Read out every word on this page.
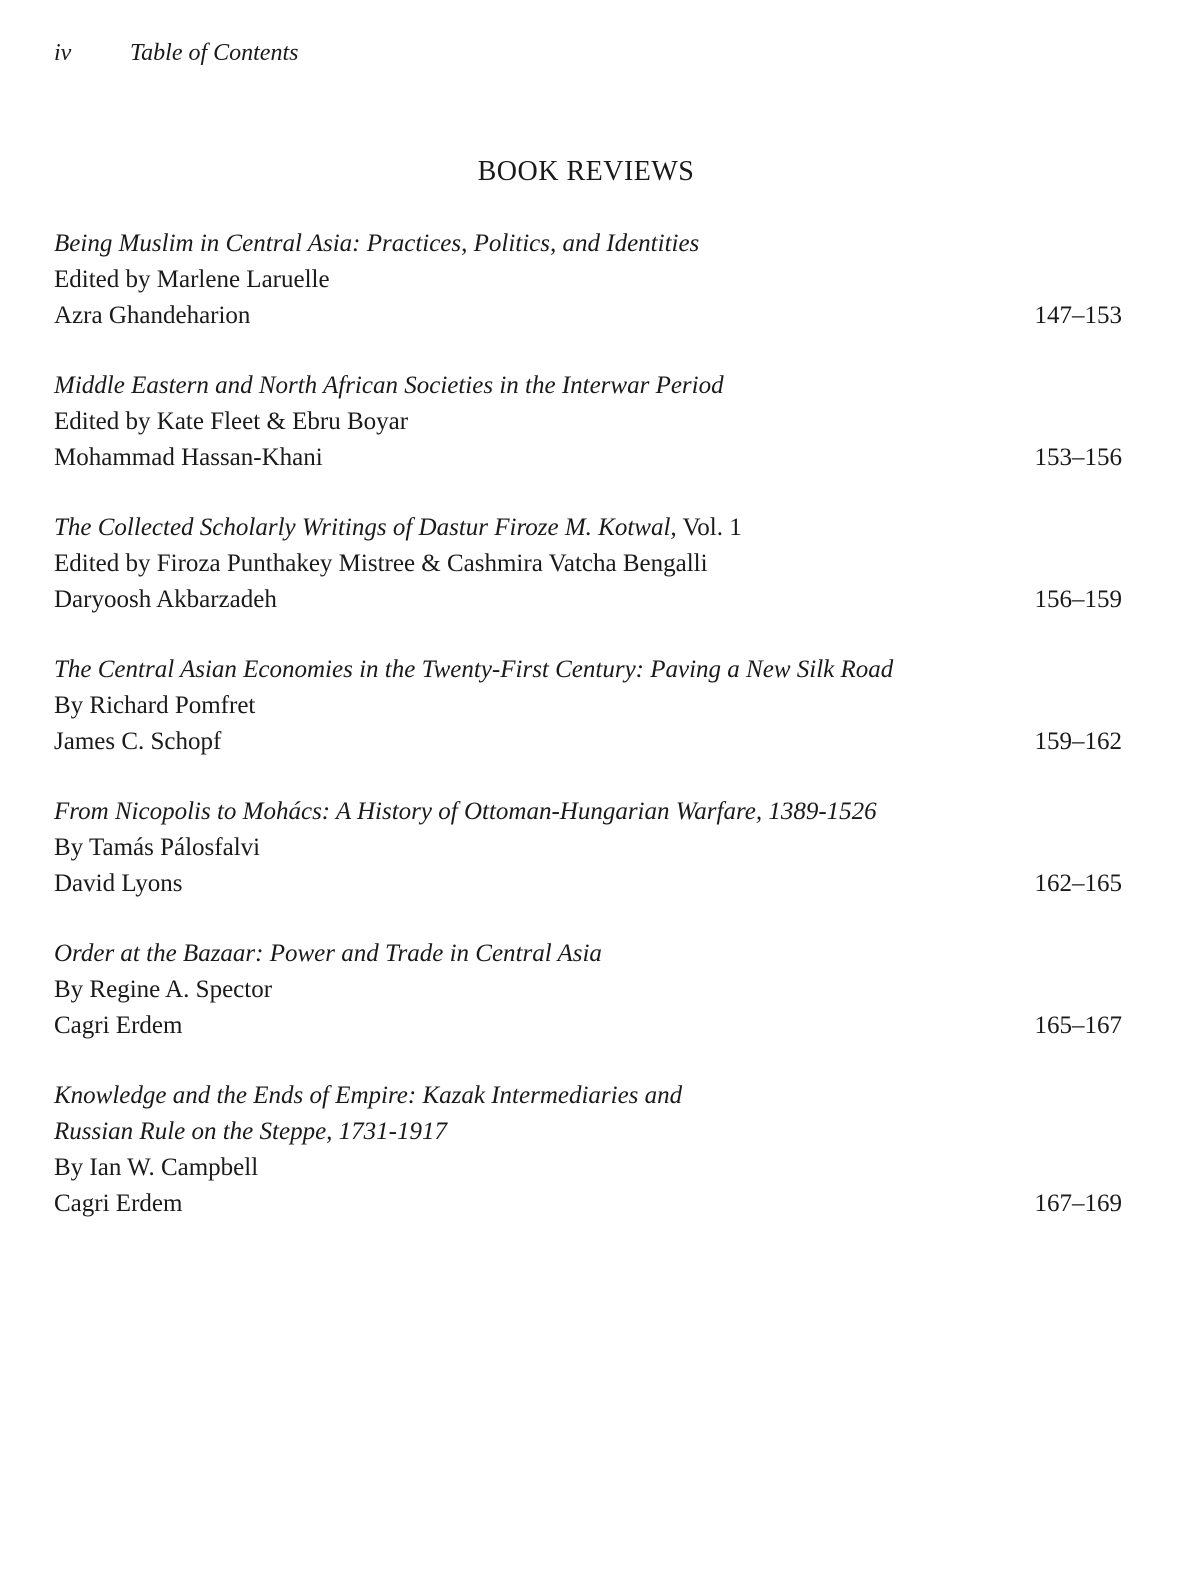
iv Table of Contents
BOOK REVIEWS
Being Muslim in Central Asia: Practices, Politics, and Identities
Edited by Marlene Laruelle
Azra Ghandeharion	147–153
Middle Eastern and North African Societies in the Interwar Period
Edited by Kate Fleet & Ebru Boyar
Mohammad Hassan-Khani	153–156
The Collected Scholarly Writings of Dastur Firoze M. Kotwal, Vol. 1
Edited by Firoza Punthakey Mistree & Cashmira Vatcha Bengalli
Daryoosh Akbarzadeh	156–159
The Central Asian Economies in the Twenty-First Century: Paving a New Silk Road
By Richard Pomfret
James C. Schopf	159–162
From Nicopolis to Mohács: A History of Ottoman-Hungarian Warfare, 1389-1526
By Tamás Pálosfalvi
David Lyons	162–165
Order at the Bazaar: Power and Trade in Central Asia
By Regine A. Spector
Cagri Erdem	165–167
Knowledge and the Ends of Empire: Kazak Intermediaries and
Russian Rule on the Steppe, 1731-1917
By Ian W. Campbell
Cagri Erdem	167–169
